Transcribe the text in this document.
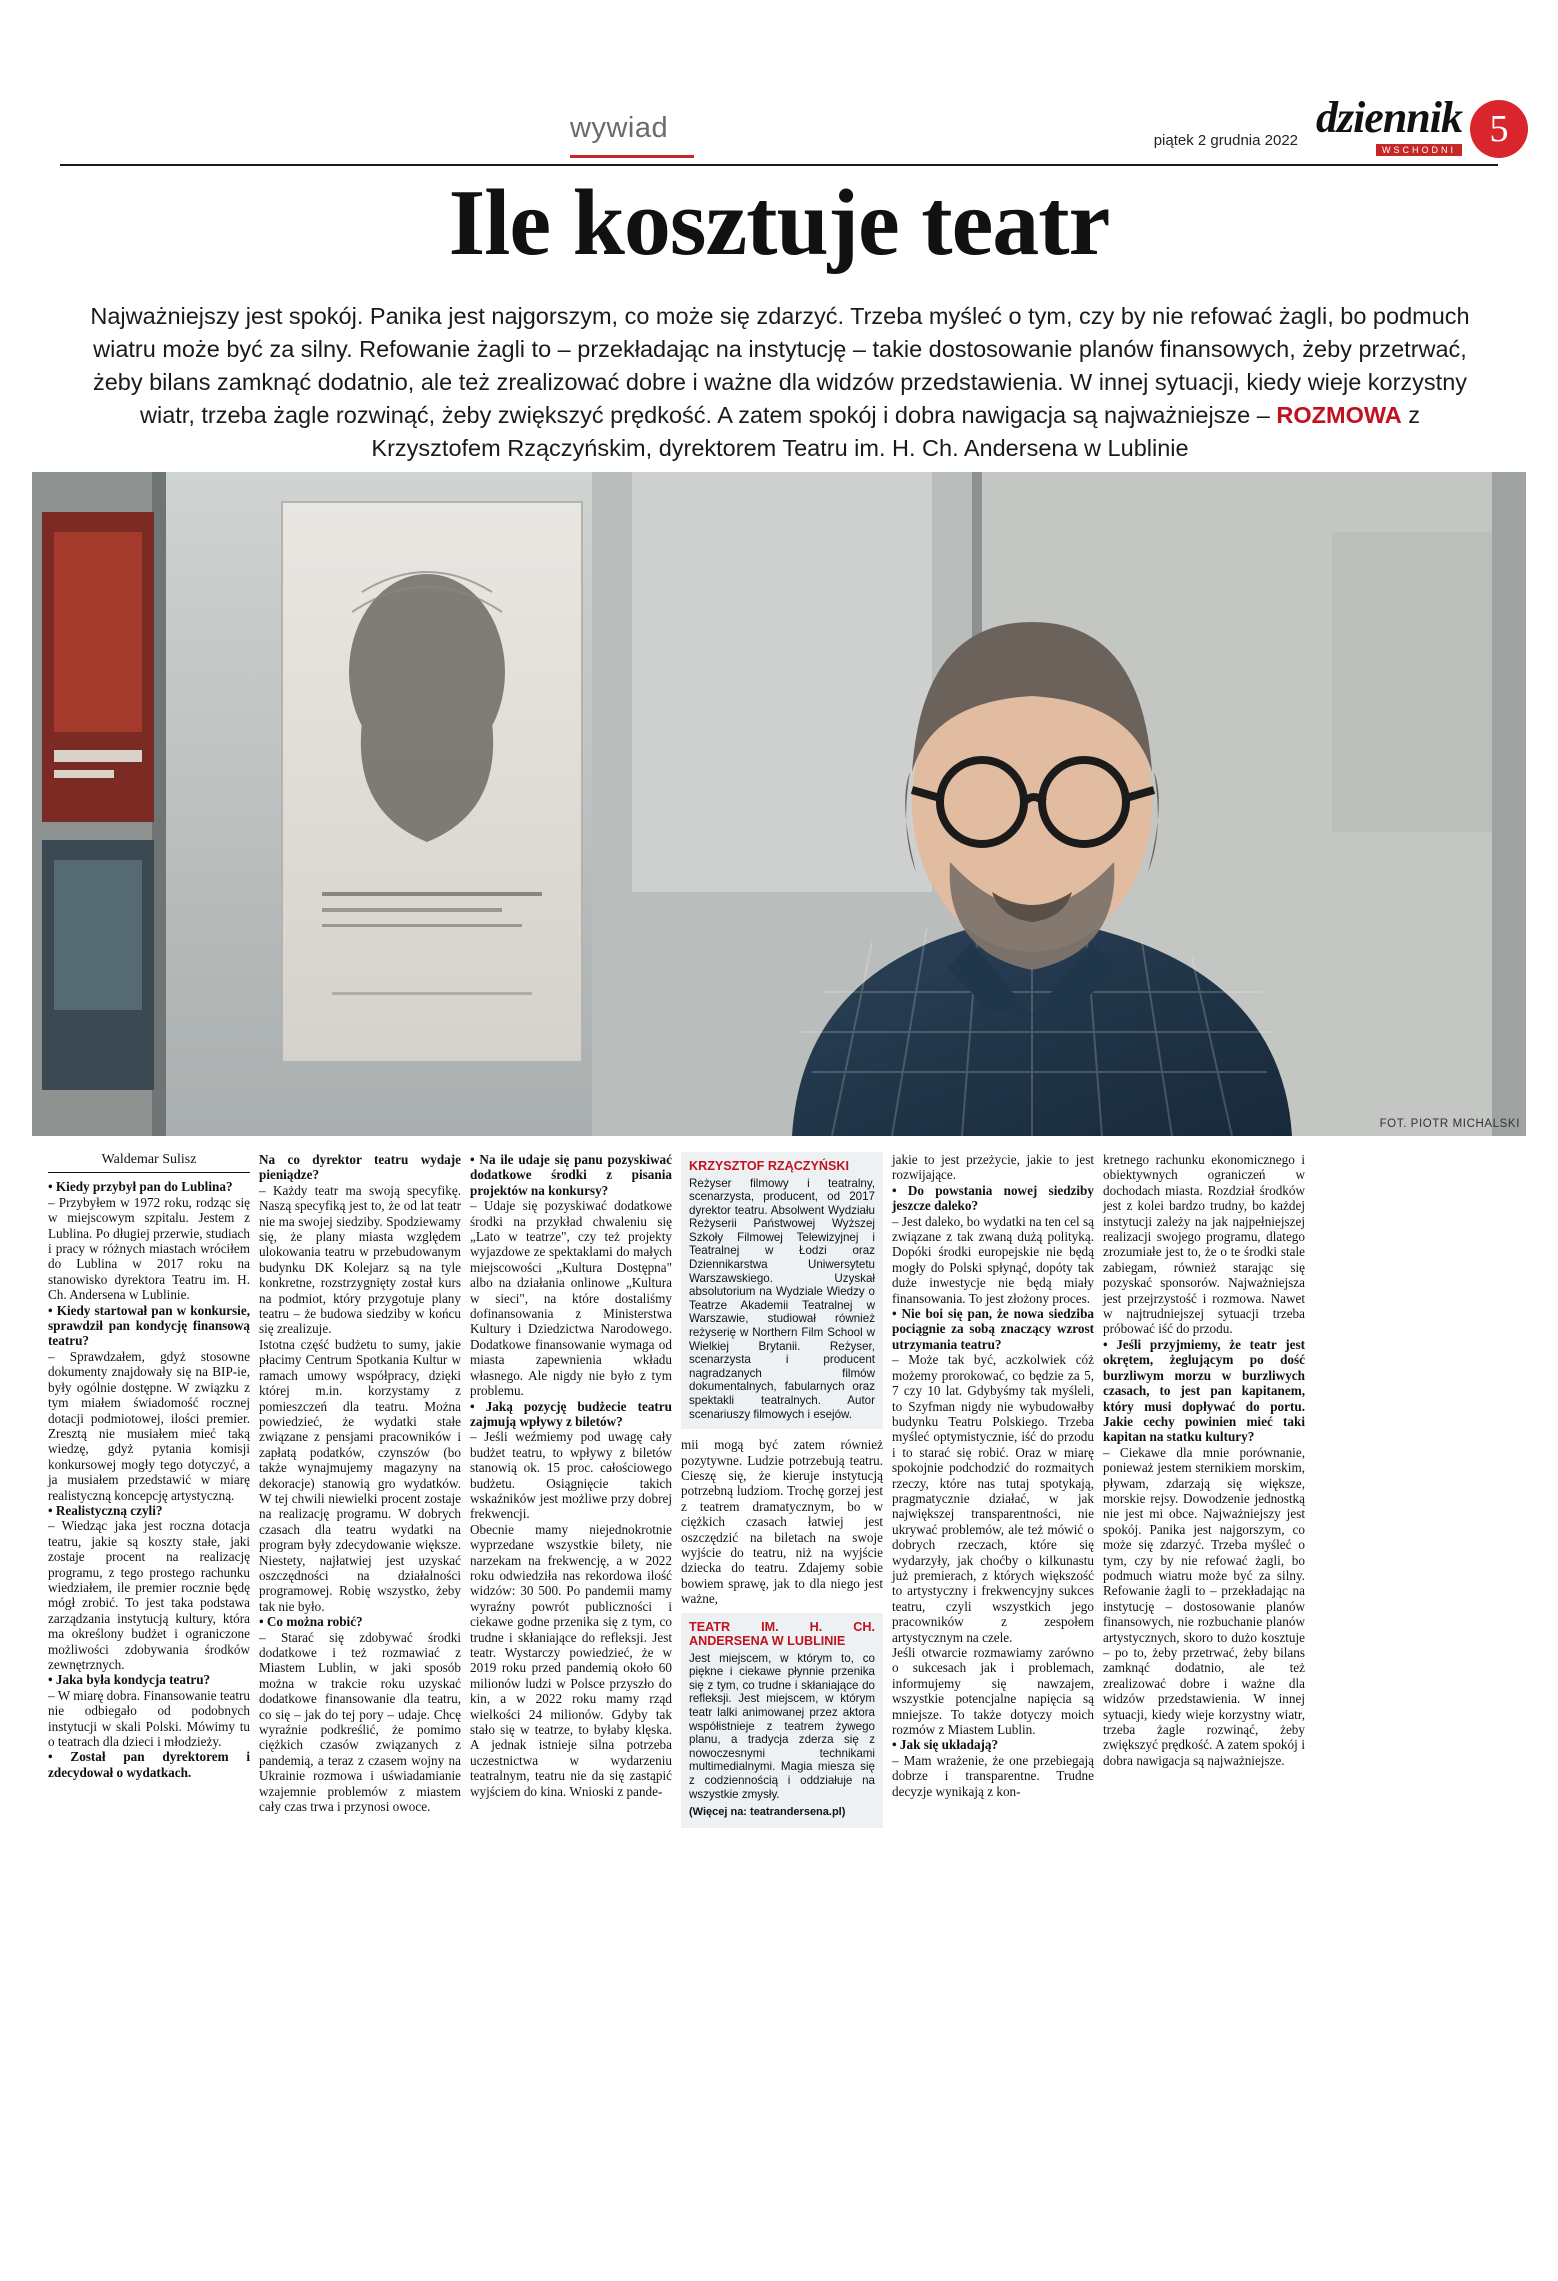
wywiad	piątek 2 grudnia 2022 dziennik
WSCHODNI 5
Ile kosztuje teatr
Najważniejszy jest spokój. Panika jest najgorszym, co może się zdarzyć. Trzeba myśleć o tym, czy by nie refować żagli, bo podmuch wiatru może być za silny. Refowanie żagli to – przekładając na instytucję – takie dostosowanie planów finansowych, żeby przetrwać, żeby bilans zamknąć dodatnio, ale też zrealizować dobre i ważne dla widzów przedstawienia. W innej sytuacji, kiedy wieje korzystny wiatr, trzeba żagle rozwinąć, żeby zwiększyć prędkość. A zatem spokój i dobra nawigacja są najważniejsze – ROZMOWA z Krzysztofem Rzączyńskim, dyrektorem Teatru im. H. Ch. Andersena w Lublinie
FOT. PIOTR MICHALSKI
Waldemar Sulisz

• Kiedy przybył pan do Lublina?

– Przybyłem w 1972 roku, rodząc się w miejscowym szpitalu. Jestem z Lublina. Po długiej przerwie, studiach i pracy w różnych miastach wróciłem do Lublina w 2017 roku na stanowisko dyrektora Teatru im. H. Ch. Andersena w Lublinie.

• Kiedy startował pan w konkursie, sprawdził pan kondycję finansową teatru?

– Sprawdzałem, gdyż stosowne dokumenty znajdowały się na BIP-ie, były ogólnie dostępne. W związku z tym miałem świadomość rocznej dotacji podmiotowej, ilości premier. Zresztą nie musiałem mieć taką wiedzę, gdyż pytania komisji konkursowej mogły tego dotyczyć, a ja musiałem przedstawić w miarę realistyczną koncepcję artystyczną.

• Realistyczną czyli?

– Wiedząc jaka jest roczna dotacja teatru, jakie są koszty stałe, jaki zostaje procent na realizację programu, z tego prostego rachunku wiedziałem, ile premier rocznie będę mógł zrobić. To jest taka podstawa zarządzania instytucją kultury, która ma określony budżet i ograniczone możliwości zdobywania środków zewnętrznych.

• Jaka była kondycja teatru?

– W miarę dobra. Finansowanie teatru nie odbiegało od podobnych instytucji w skali Polski. Mówimy tu o teatrach dla dzieci i młodzieży.

• Został pan dyrektorem i zdecydował o wydatkach.

Na co dyrektor teatru wydaje pieniądze?

– Każdy teatr ma swoją specyfikę. Naszą specyfiką jest to, że od lat teatr nie ma swojej siedziby. Spodziewamy się, że plany miasta względem ulokowania teatru w przebudowanym budynku DK Kolejarz są na tyle konkretne, rozstrzygnięty został kurs na podmiot, który przygotuje plany teatru – że budowa siedziby w końcu się zrealizuje.

Istotna część budżetu to sumy, jakie płacimy Centrum Spotkania Kultur w ramach umowy współpracy, dzięki której m.in. korzystamy z pomieszczeń dla teatru. Można powiedzieć, że wydatki stałe związane z pensjami pracowników i zapłatą podatków, czynszów (bo także wynajmujemy magazyny na dekoracje) stanowią gro wydatków. W tej chwili niewielki procent zostaje na realizację programu. W dobrych czasach dla teatru wydatki na program były zdecydowanie większe. Niestety, najłatwiej jest uzyskać oszczędności na działalności programowej. Robię wszystko, żeby tak nie było.

• Co można robić?

– Starać się zdobywać środki dodatkowe i też rozmawiać z Miastem Lublin, w jaki sposób można w trakcie roku uzyskać dodatkowe finansowanie dla teatru, co się – jak do tej pory – udaje. Chcę wyraźnie podkreślić, że pomimo ciężkich czasów związanych z pandemią, a teraz z czasem wojny na Ukrainie rozmowa i uświadamianie wzajemnie problemów z miastem cały czas trwa i przynosi owoce.

• Na ile udaje się panu pozyskiwać dodatkowe środki z pisania projektów na konkursy?

– Udaje się pozyskiwać dodatkowe środki na przykład chwaleniu się „Lato w teatrze", czy też projekty wyjazdowe ze spektaklami do małych miejscowości „Kultura Dostępna" albo na działania onlinowe „Kultura w sieci", na które dostaliśmy dofinansowania z Ministerstwa Kultury i Dziedzictwa Narodowego. Dodatkowe finansowanie wymaga od miasta zapewnienia wkładu własnego. Ale nigdy nie było z tym problemu.

• Jaką pozycję budżecie teatru zajmują wpływy z biletów?

– Jeśli weźmiemy pod uwagę cały budżet teatru, to wpływy z biletów stanowią ok. 15 proc. całościowego budżetu. Osiągnięcie takich wskaźników jest możliwe przy dobrej frekwencji.

Obecnie mamy niejednokrotnie wyprzedane wszystkie bilety, nie narzekam na frekwencję, a w 2022 roku odwiedziła nas rekordowa ilość widzów: 30 500. Po pandemii mamy wyraźny powrót publiczności i ciekawe godne przenika się z tym, co trudne i skłaniające do refleksji. Jest teatr. Wystarczy powiedzieć, że w 2019 roku przed pandemią około 60 milionów ludzi w Polsce przyszło do kin, a w 2022 roku mamy rząd wielkości 24 milionów. Gdyby tak stało się w teatrze, to byłaby klęska. A jednak istnieje silna potrzeba uczestnictwa w wydarzeniu teatralnym, teatru nie da się zastąpić wyjściem do kina. Wnioski z pande-

KRZYSZTOF RZĄCZYŃSKI
Reżyser filmowy i teatralny, scenarzysta, producent, od 2017 dyrektor teatru. Absolwent Wydziału Reżyserii Państwowej Wyższej Szkoły Filmowej Telewizyjnej i Teatralnej w Łodzi oraz Dziennikarstwa Uniwersytetu Warszawskiego. Uzyskał absolutorium na Wydziale Wiedzy o Teatrze Akademii Teatralnej w Warszawie, studiował również reżyserię w Northern Film School w Wielkiej Brytanii. Reżyser, scenarzysta i producent nagradzanych filmów dokumentalnych, fabularnych oraz spektakli teatralnych. Autor scenariuszy filmowych i esejów.

mii mogą być zatem również pozytywne. Ludzie potrzebują teatru. Cieszę się, że kieruje instytucją potrzebną ludziom. Trochę gorzej jest z teatrem dramatycznym, bo w ciężkich czasach łatwiej jest oszczędzić na biletach na swoje wyjście do teatru, niż na wyjście dziecka do teatru. Zdajemy sobie bowiem sprawę, jak to dla niego jest ważne,

TEATR IM. H. CH. ANDERSENA W LUBLINIE
Jest miejscem, w którym to, co piękne i ciekawe płynnie przenika się z tym, co trudne i skłaniające do refleksji. Jest miejscem, w którym teatr lalki animowanej przez aktora współistnieje z teatrem żywego planu, a tradycja zderza się z nowoczesnymi technikami multimedialnymi. Magia miesza się z codziennością i oddziałuje na wszystkie zmysły.
(Więcej na: teatrandersena.pl)

jakie to jest przeżycie, jakie to jest rozwijające.

• Do powstania nowej siedziby jeszcze daleko?

– Jest daleko, bo wydatki na ten cel są związane z tak zwaną dużą polityką. Dopóki środki europejskie nie będą mogły do Polski spłynąć, dopóty tak duże inwestycje nie będą miały finansowania. To jest złożony proces.

• Nie boi się pan, że nowa siedziba pociągnie za sobą znaczący wzrost utrzymania teatru?

– Może tak być, aczkolwiek cóż możemy prorokować, co będzie za 5, 7 czy 10 lat. Gdybyśmy tak myśleli, to Szyfman nigdy nie wybudowałby budynku Teatru Polskiego. Trzeba myśleć optymistycznie, iść do przodu i to starać się robić. Oraz w miarę spokojnie podchodzić do rozmaitych rzeczy, które nas tutaj spotykają, pragmatycznie działać, w jak największej transparentności, nie ukrywać problemów, ale też mówić o dobrych rzeczach, które się wydarzyły, jak choćby o kilkunastu już premierach, z których większość to artystyczny i frekwencyjny sukces teatru, czyli wszystkich jego pracowników z zespołem artystycznym na czele.

Jeśli otwarcie rozmawiamy zarówno o sukcesach jak i problemach, informujemy się nawzajem, wszystkie potencjalne napięcia są mniejsze. To także dotyczy moich rozmów z Miastem Lublin.

• Jak się układają?

– Mam wrażenie, że one przebiegają dobrze i transparentne. Trudne decyzje wynikają z kon-

kretnego rachunku ekonomicznego i obiektywnych ograniczeń w dochodach miasta. Rozdział środków jest z kolei bardzo trudny, bo każdej instytucji zależy na jak najpełniejszej realizacji swojego programu, dlatego zrozumiałe jest to, że o te środki stale zabiegam, również starając się pozyskać sponsorów. Najważniejsza jest przejrzystość i rozmowa. Nawet w najtrudniejszej sytuacji trzeba próbować iść do przodu.

• Jeśli przyjmiemy, że teatr jest okrętem, żeglującym po dość burzliwym morzu w burzliwych czasach, to jest pan kapitanem, który musi dopływać do portu. Jakie cechy powinien mieć taki kapitan na statku kultury?

– Ciekawe dla mnie porównanie, ponieważ jestem sternikiem morskim, pływam, zdarzają się większe, morskie rejsy. Dowodzenie jednostką nie jest mi obce. Najważniejszy jest spokój. Panika jest najgorszym, co może się zdarzyć. Trzeba myśleć o tym, czy by nie refować żagli, bo podmuch wiatru może być za silny. Refowanie żagli to – przekładając na instytucję – dostosowanie planów finansowych, nie rozbuchanie planów artystycznych, skoro to dużo kosztuje – po to, żeby przetrwać, żeby bilans zamknąć dodatnio, ale też zrealizować dobre i ważne dla widzów przedstawienia. W innej sytuacji, kiedy wieje korzystny wiatr, trzeba żagle rozwinąć, żeby zwiększyć prędkość. A zatem spokój i dobra nawigacja są najważniejsze.
